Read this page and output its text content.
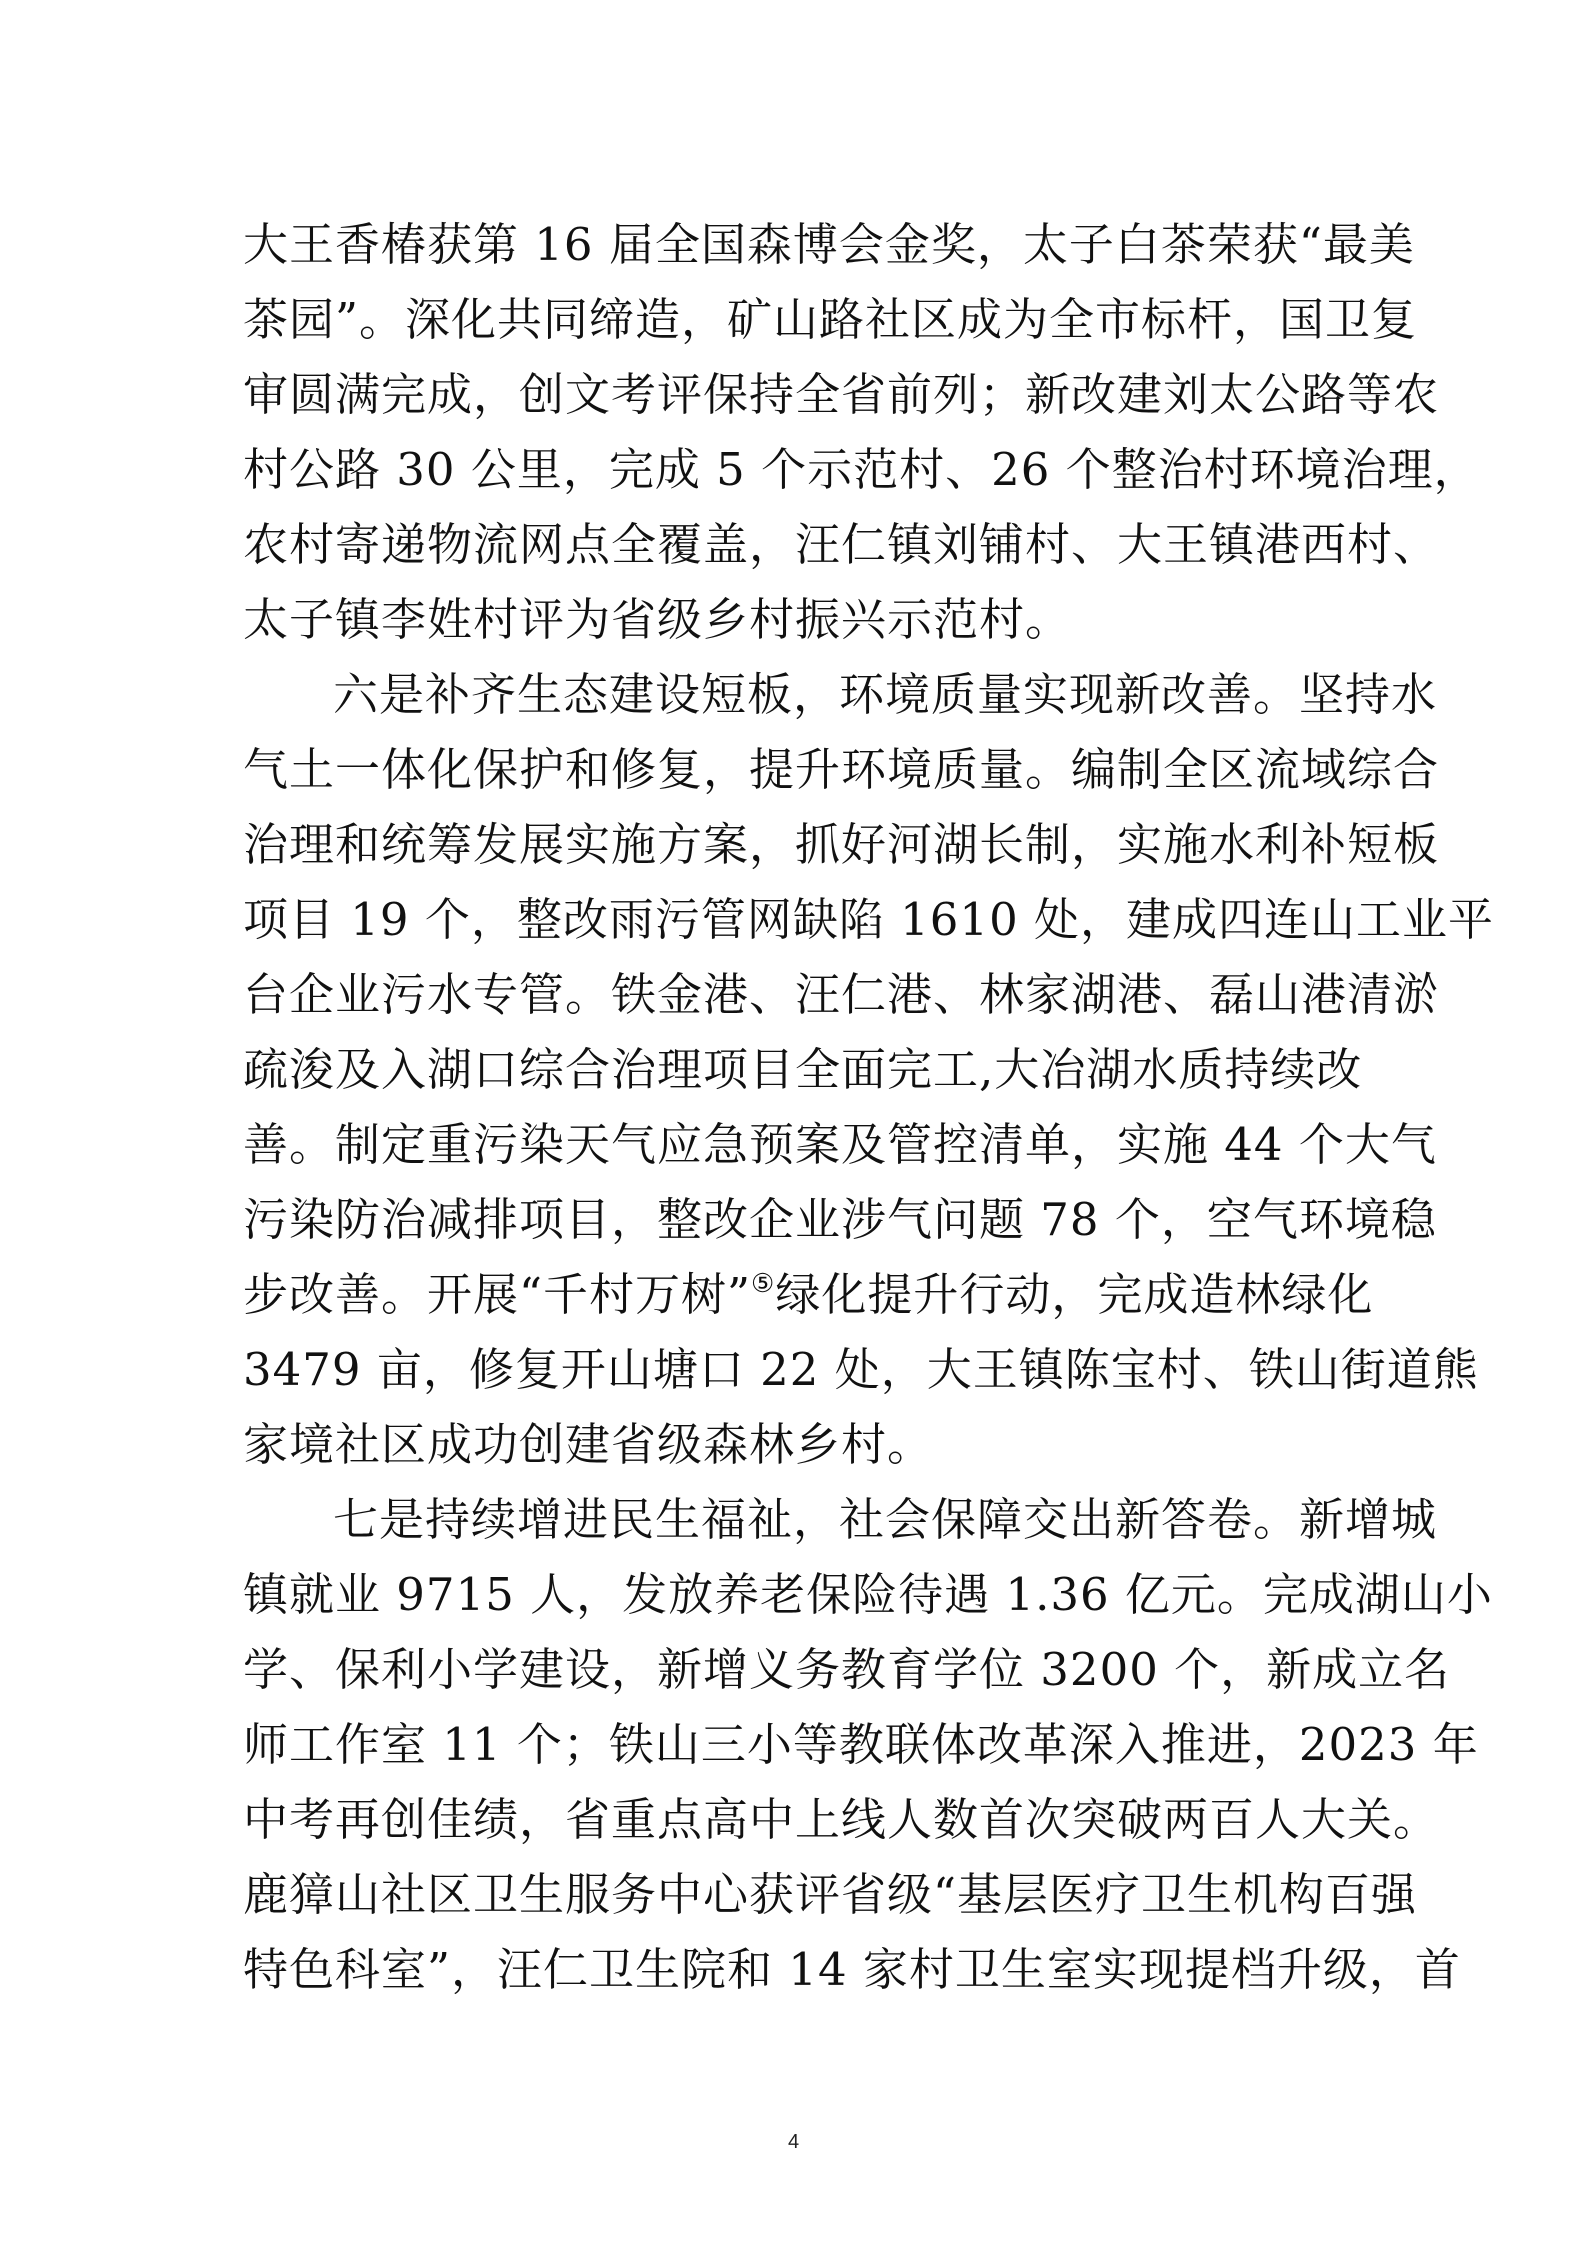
大王香椿获第 16 届全国森博会金奖，太子白茶荣获“最美
茶园”。深化共同缔造，矿山路社区成为全市标杆，国卫复
审圆满完成，创文考评保持全省前列；新改建刘太公路等农
村公路 30 公里，完成 5 个示范村、26 个整治村环境治理，
农村寄递物流网点全覆盖，汪仁镇刘铺村、大王镇港西村、
太子镇李姓村评为省级乡村振兴示范村。
六是补齐生态建设短板，环境质量实现新改善。坚持水
气土一体化保护和修复，提升环境质量。编制全区流域综合
治理和统筹发展实施方案，抓好河湖长制，实施水利补短板
项目 19 个，整改雨污管网缺陷 1610 处，建成四连山工业平
台企业污水专管。铁金港、汪仁港、林家湖港、磊山港清淤
疏浚及入湖口综合治理项目全面完工,大冶湖水质持续改
善。制定重污染天气应急预案及管控清单，实施 44 个大气
污染防治减排项目，整改企业涉气问题 78 个，空气环境稳
步改善。开展“千村万树”⑤绿化提升行动，完成造林绿化
3479 亩，修复开山塘口 22 处，大王镇陈宝村、铁山街道熊
家境社区成功创建省级森林乡村。
七是持续增进民生福祉，社会保障交出新答卷。新增城
镇就业 9715 人，发放养老保险待遇 1.36 亿元。完成湖山小
学、保利小学建设，新增义务教育学位 3200 个，新成立名
师工作室 11 个；铁山三小等教联体改革深入推进，2023 年
中考再创佳绩，省重点高中上线人数首次突破两百人大关。
鹿獐山社区卫生服务中心获评省级“基层医疗卫生机构百强
特色科室”，汪仁卫生院和 14 家村卫生室实现提档升级，首
4
